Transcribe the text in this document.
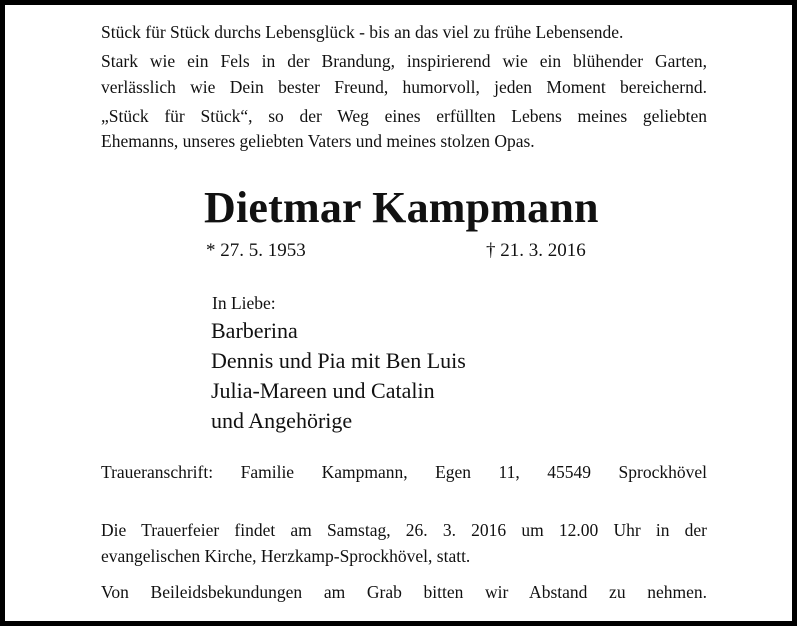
Stück für Stück durchs Lebensglück - bis an das viel zu frühe Lebensende.
Stark wie ein Fels in der Brandung, inspirierend wie ein blühender Garten,
verlässlich wie Dein bester Freund, humorvoll, jeden Moment bereichernd.
„Stück für Stück“, so der Weg eines erfüllten Lebens meines geliebten
Ehemanns, unseres geliebten Vaters und meines stolzen Opas.
Dietmar Kampmann
* 27. 5. 1953	† 21. 3. 2016
In Liebe:
Barberina
Dennis und Pia mit Ben Luis
Julia-Mareen und Catalin
und Angehörige
Traueranschrift: Familie Kampmann, Egen 11, 45549 Sprockhövel
Die Trauerfeier findet am Samstag, 26. 3. 2016 um 12.00 Uhr in der
evangelischen Kirche, Herzkamp-Sprockhövel, statt.
Von Beileidsbekundungen am Grab bitten wir Abstand zu nehmen.
